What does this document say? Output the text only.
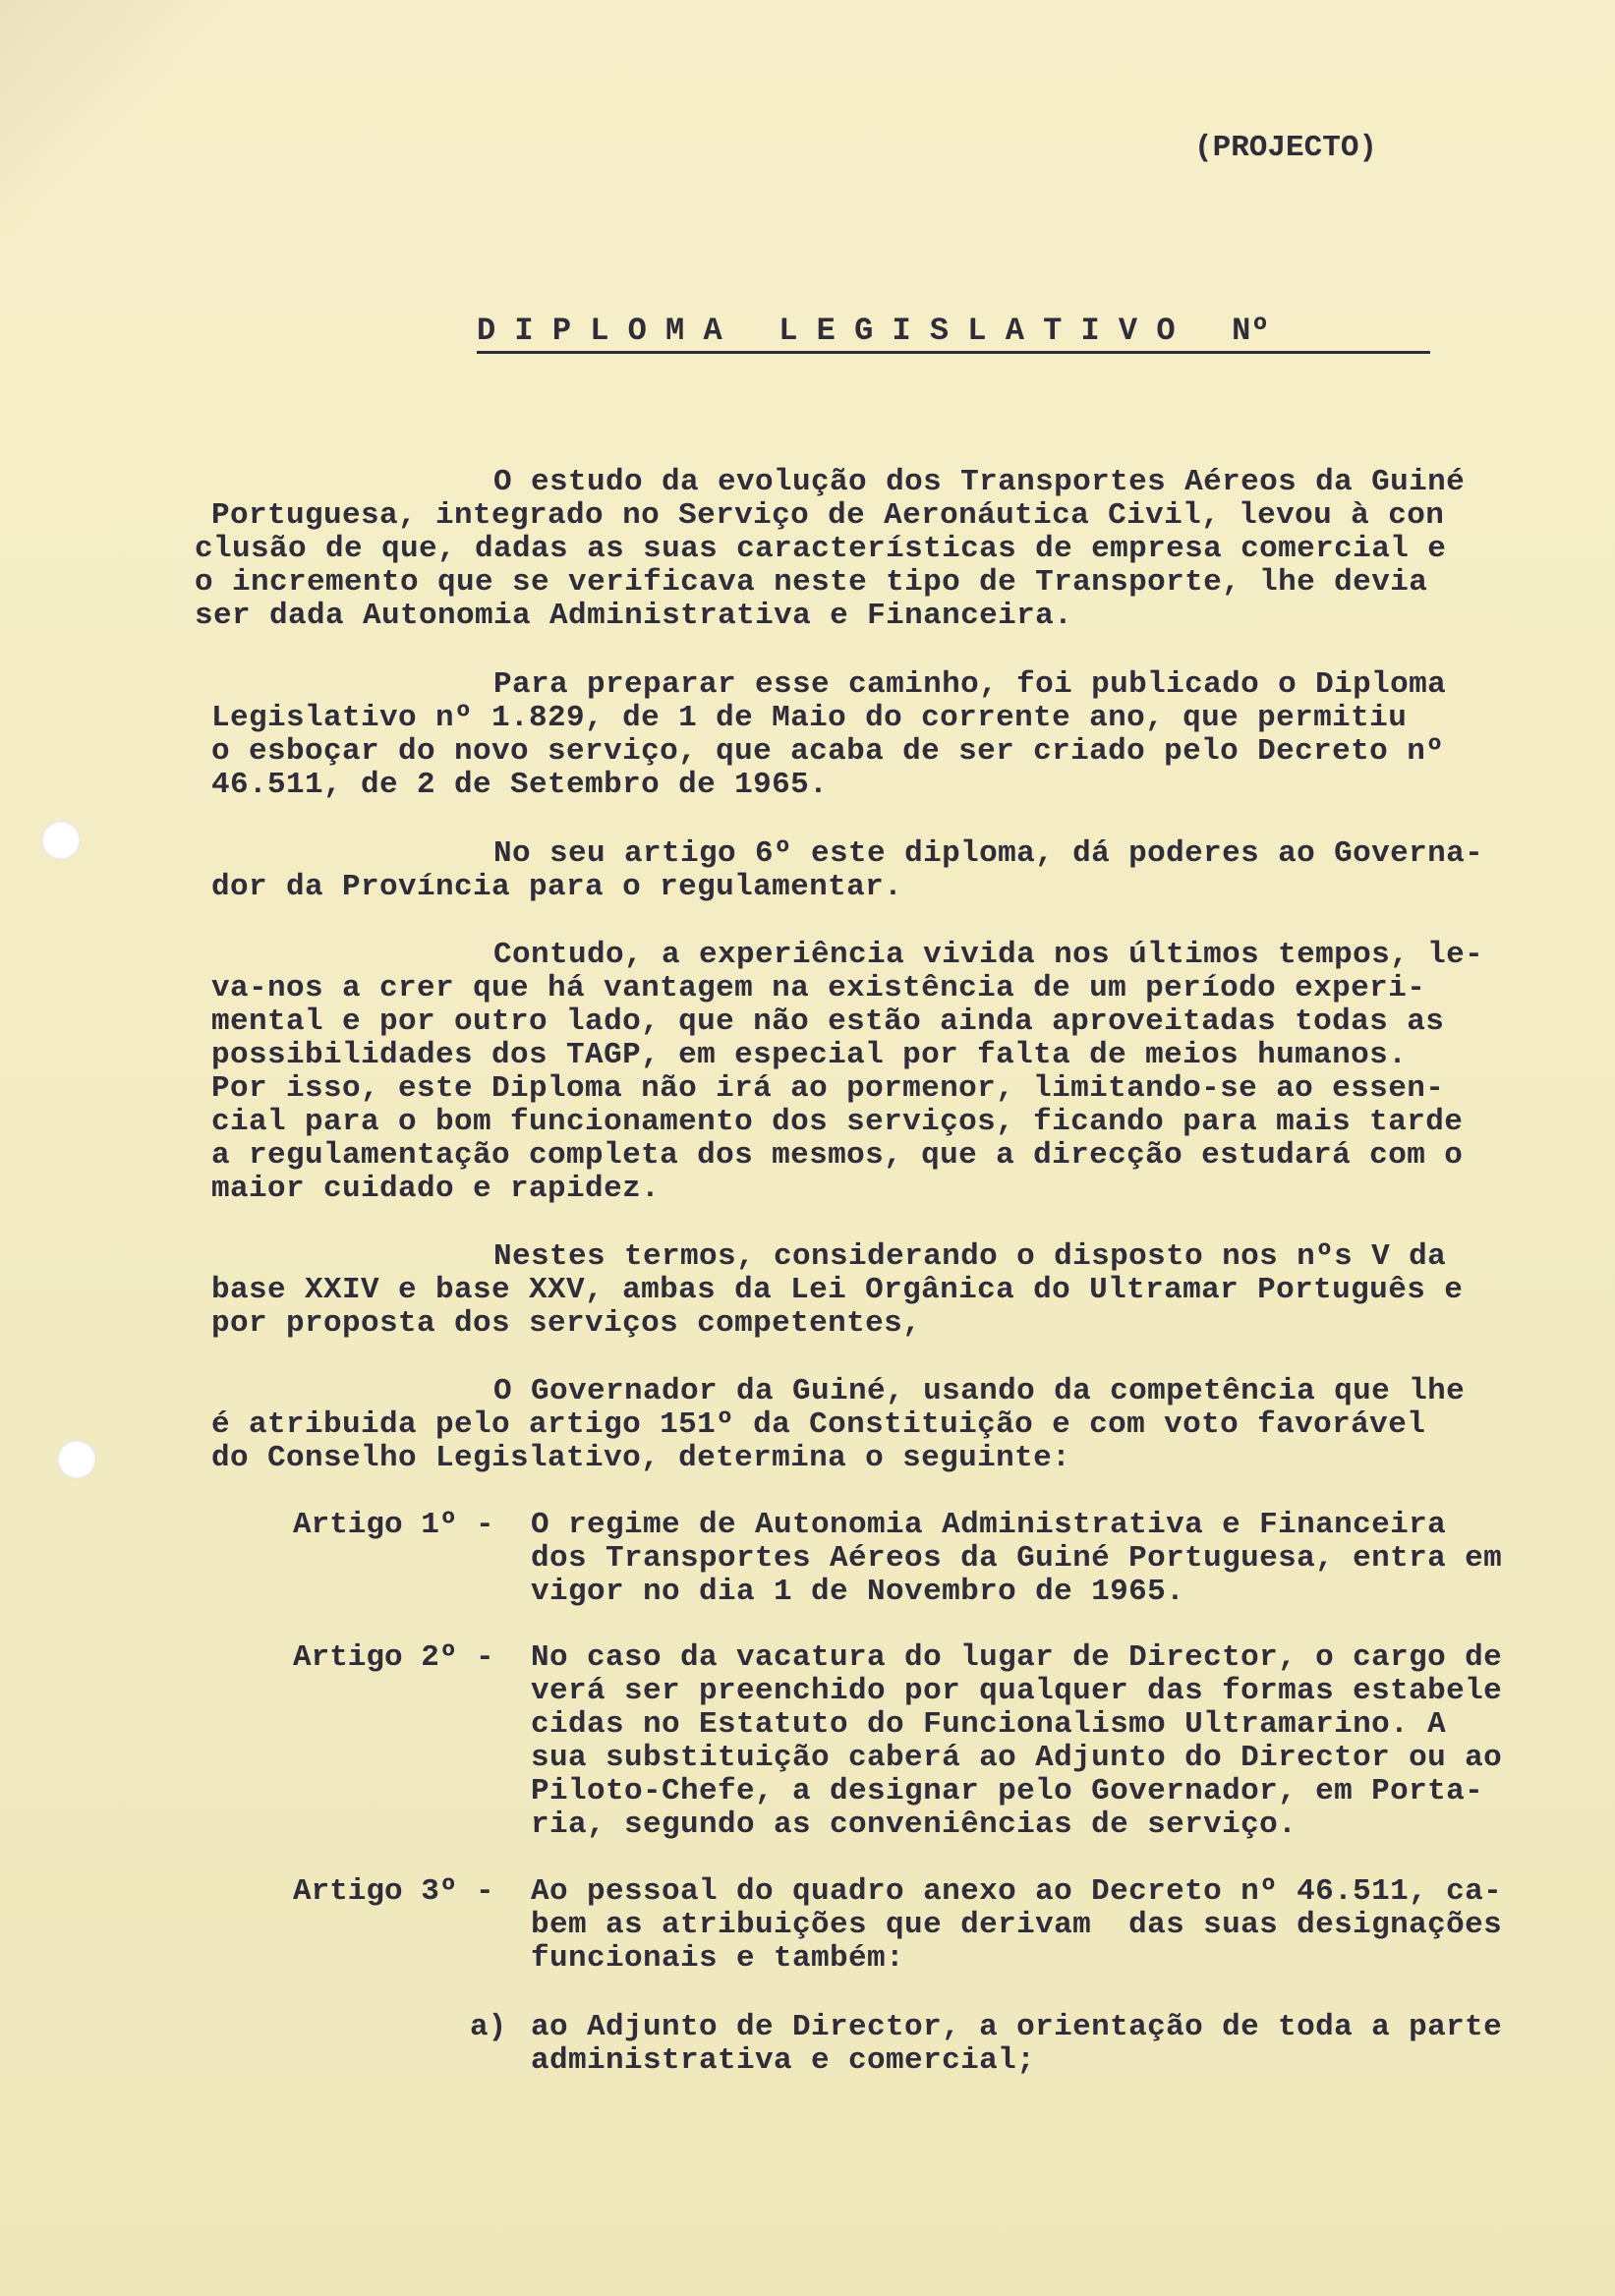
(PROJECTO)
D I P L O M A   L E G I S L A T I V O   Nº
O estudo da evolução dos Transportes Aéreos da Guiné
Portuguesa, integrado no Serviço de Aeronáutica Civil, levou à con
clusão de que, dadas as suas características de empresa comercial e
o incremento que se verificava neste tipo de Transporte, lhe devia
ser dada Autonomia Administrativa e Financeira.
Para preparar esse caminho, foi publicado o Diploma
Legislativo nº 1.829, de 1 de Maio do corrente ano, que permitiu
o esboçar do novo serviço, que acaba de ser criado pelo Decreto nº
46.511, de 2 de Setembro de 1965.
No seu artigo 6º este diploma, dá poderes ao Governa-
dor da Província para o regulamentar.
Contudo, a experiência vivida nos últimos tempos, le-
va-nos a crer que há vantagem na existência de um período experi-
mental e por outro lado, que não estão ainda aproveitadas todas as
possibilidades dos TAGP, em especial por falta de meios humanos.
Por isso, este Diploma não irá ao pormenor, limitando-se ao essen-
cial para o bom funcionamento dos serviços, ficando para mais tarde
a regulamentação completa dos mesmos, que a direcção estudará com o
maior cuidado e rapidez.
Nestes termos, considerando o disposto nos nºs V da
base XXIV e base XXV, ambas da Lei Orgânica do Ultramar Português e
por proposta dos serviços competentes,
O Governador da Guiné, usando da competência que lhe
é atribuida pelo artigo 151º da Constituição e com voto favorável
do Conselho Legislativo, determina o seguinte:
Artigo 1º - O regime de Autonomia Administrativa e Financeira
dos Transportes Aéreos da Guiné Portuguesa, entra em
vigor no dia 1 de Novembro de 1965.
Artigo 2º - No caso da vacatura do lugar de Director, o cargo de
verá ser preenchido por qualquer das formas estabele
cidas no Estatuto do Funcionalismo Ultramarino. A
sua substituição caberá ao Adjunto do Director ou ao
Piloto-Chefe, a designar pelo Governador, em Porta-
ria, segundo as conveniências de serviço.
Artigo 3º - Ao pessoal do quadro anexo ao Decreto nº 46.511, ca-
bem as atribuições que derivam  das suas designações
funcionais e também:
a) ao Adjunto de Director, a orientação de toda a parte
administrativa e comercial;
